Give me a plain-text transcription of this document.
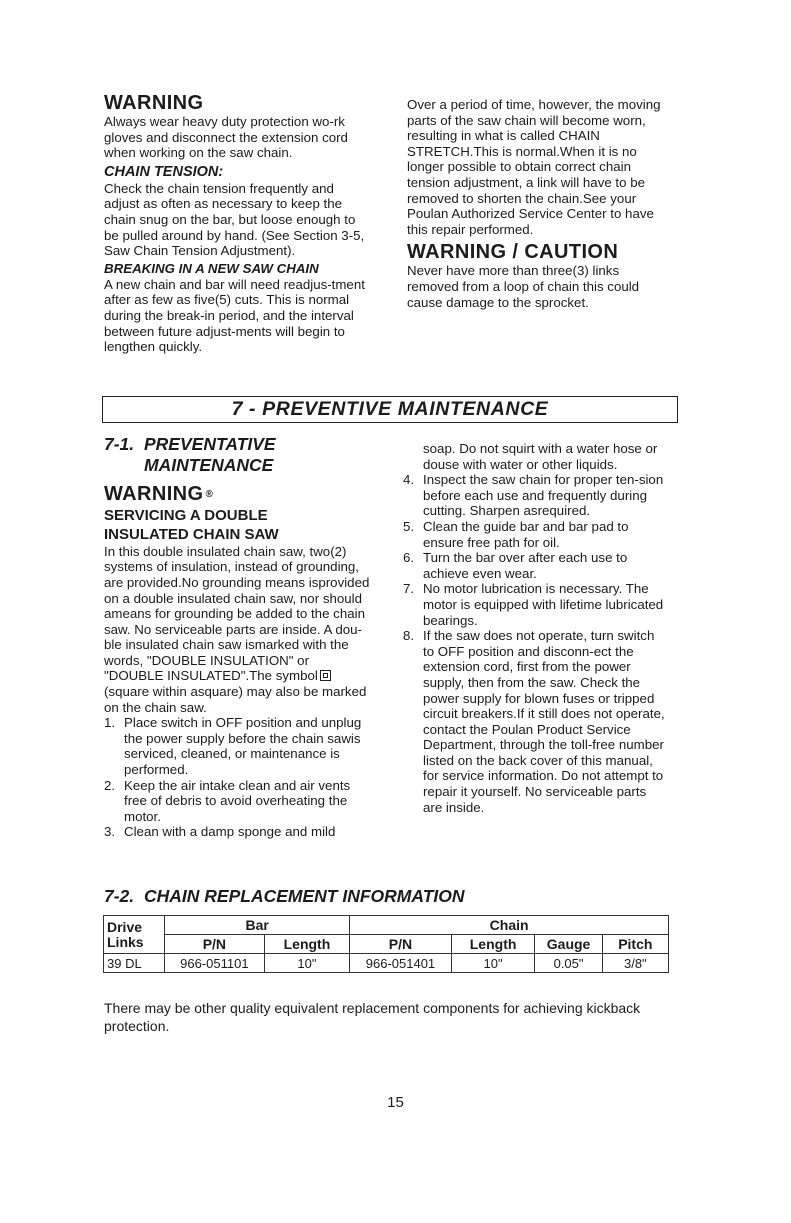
WARNING

Always wear heavy duty protection wo-rk gloves and disconnect the extension cord when working on the saw chain.

CHAIN TENSION:

Check the chain tension frequently and adjust as often as necessary to keep the chain snug on the bar, but loose enough to be pulled around by hand. (See Section 3-5, Saw Chain Tension Adjustment).

BREAKING IN A NEW SAW CHAIN

A new chain and bar will need readjus-tment after as few as five(5) cuts. This is normal during the break-in period, and the interval between future adjust-ments will begin to lengthen quickly.

Over a period of time, however, the moving parts of the saw chain will become worn, resulting in what is called CHAIN STRETCH.This is normal.When it is no longer possible to obtain correct chain tension adjustment, a link will have to be removed to shorten the chain.See your Poulan Authorized Service Center to have this repair performed.

WARNING / CAUTION

Never have more than three(3) links removed from a loop of chain this could cause damage to the sprocket.

7 - PREVENTIVE MAINTENANCE
7-1. PREVENTATIVE
MAINTENANCE

WARNING ®

SERVICING A DOUBLE

INSULATED CHAIN SAW

In this double insulated chain saw, two(2) systems of insulation, instead of grounding, are provided.No grounding means isprovided on a double insulated chain saw, nor should ameans for grounding be added to the chain saw. No serviceable parts are inside. A dou-ble insulated chain saw ismarked with the words, "DOUBLE INSULATION" or "DOUBLE INSULATED".The symbol (square within asquare) may also be marked on the chain saw.

1. Place switch in OFF position and unplug the power supply before the chain sawis serviced, cleaned, or maintenance is performed.
2. Keep the air intake clean and air vents free of debris to avoid overheating the motor.
3. Clean with a damp sponge and mild
soap. Do not squirt with a water hose or douse with water or other liquids.
4. Inspect the saw chain for proper ten-sion before each use and frequently during cutting. Sharpen asrequired.
5. Clean the guide bar and bar pad to ensure free path for oil.
6. Turn the bar over after each use to achieve even wear.
7. No motor lubrication is necessary. The motor is equipped with lifetime lubricated bearings.
8. If the saw does not operate, turn switch to OFF position and disconn-ect the extension cord, first from the power supply, then from the saw. Check the power supply for blown fuses or tripped circuit breakers.If it still does not operate, contact the Poulan Product Service Department, through the toll-free number listed on the back cover of this manual, for service information. Do not attempt to repair it yourself. No serviceable parts are inside.
7-2. CHAIN REPLACEMENT INFORMATION
Drive
Links	Bar		Chain			
	P/N	Length	P/N	Length	Gauge	Pitch
39 DL	966-051101	10"	966-051401	10"	0.05"	3/8"

There may be other quality equivalent replacement components for achieving kickback protection.

15
